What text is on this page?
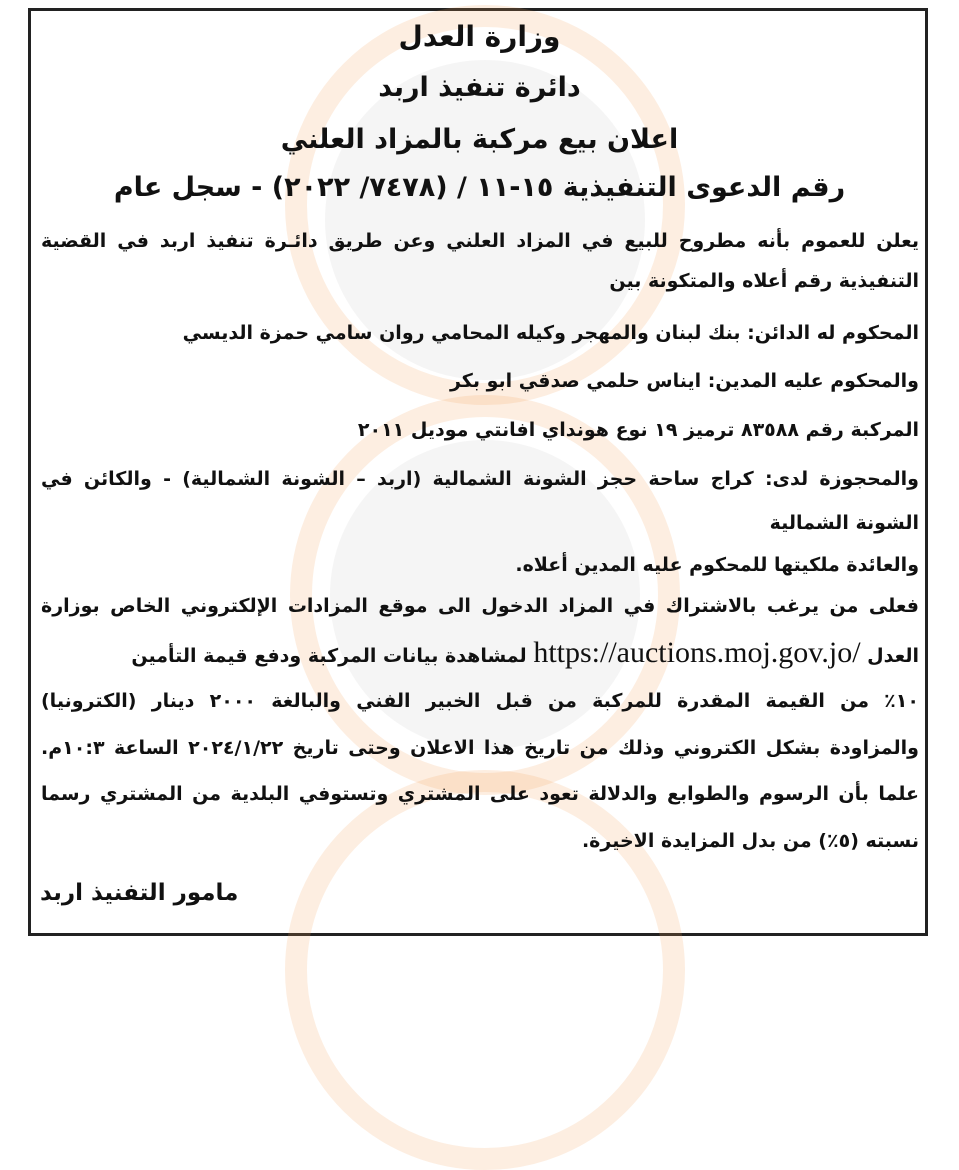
وزارة العدل
دائرة تنفيذ اربد
اعلان بيع مركبة بالمزاد العلني
رقم الدعوى التنفيذية ١٥-١١ / (٧٤٧٨/ ٢٠٢٢) - سجل عام
يعلن للعموم بأنه مطروح للبيع في المزاد العلني وعن طريق دائـرة تنفيذ اربد في القضية
التنفيذية رقم أعلاه والمتكونة بين
المحكوم له الدائن: بنك لبنان والمهجر وكيله المحامي روان سامي حمزة الديسي
والمحكوم عليه المدين: ايناس حلمي صدقي ابو بكر
المركبة رقم ٨٣٥٨٨ ترميز ١٩ نوع هونداي افانتي موديل ٢٠١١
والمحجوزة لدى: كراج ساحة حجز الشونة الشمالية (اربد – الشونة الشمالية) - والكائن في
الشونة الشمالية
والعائدة ملكيتها للمحكوم عليه المدين أعلاه.
فعلى من يرغب بالاشتراك في المزاد الدخول الى موقع المزادات الإلكتروني الخاص بوزارة
العدل https://auctions.moj.gov.jo/ لمشاهدة بيانات المركبة ودفع قيمة التأمين
١٠٪ من القيمة المقدرة للمركبة من قبل الخبير الفني والبالغة ٢٠٠٠ دينار (الكترونيا)
والمزاودة بشكل الكتروني وذلك من تاريخ هذا الاعلان وحتى تاريخ ٢٠٢٤/١/٢٢ الساعة ١٠:٣م.
علما بأن الرسوم والطوابع والدلالة تعود على المشتري وتستوفي البلدية من المشتري رسما
نسبته (٥٪) من بدل المزايدة الاخيرة.
مامور التفنيذ اربد
